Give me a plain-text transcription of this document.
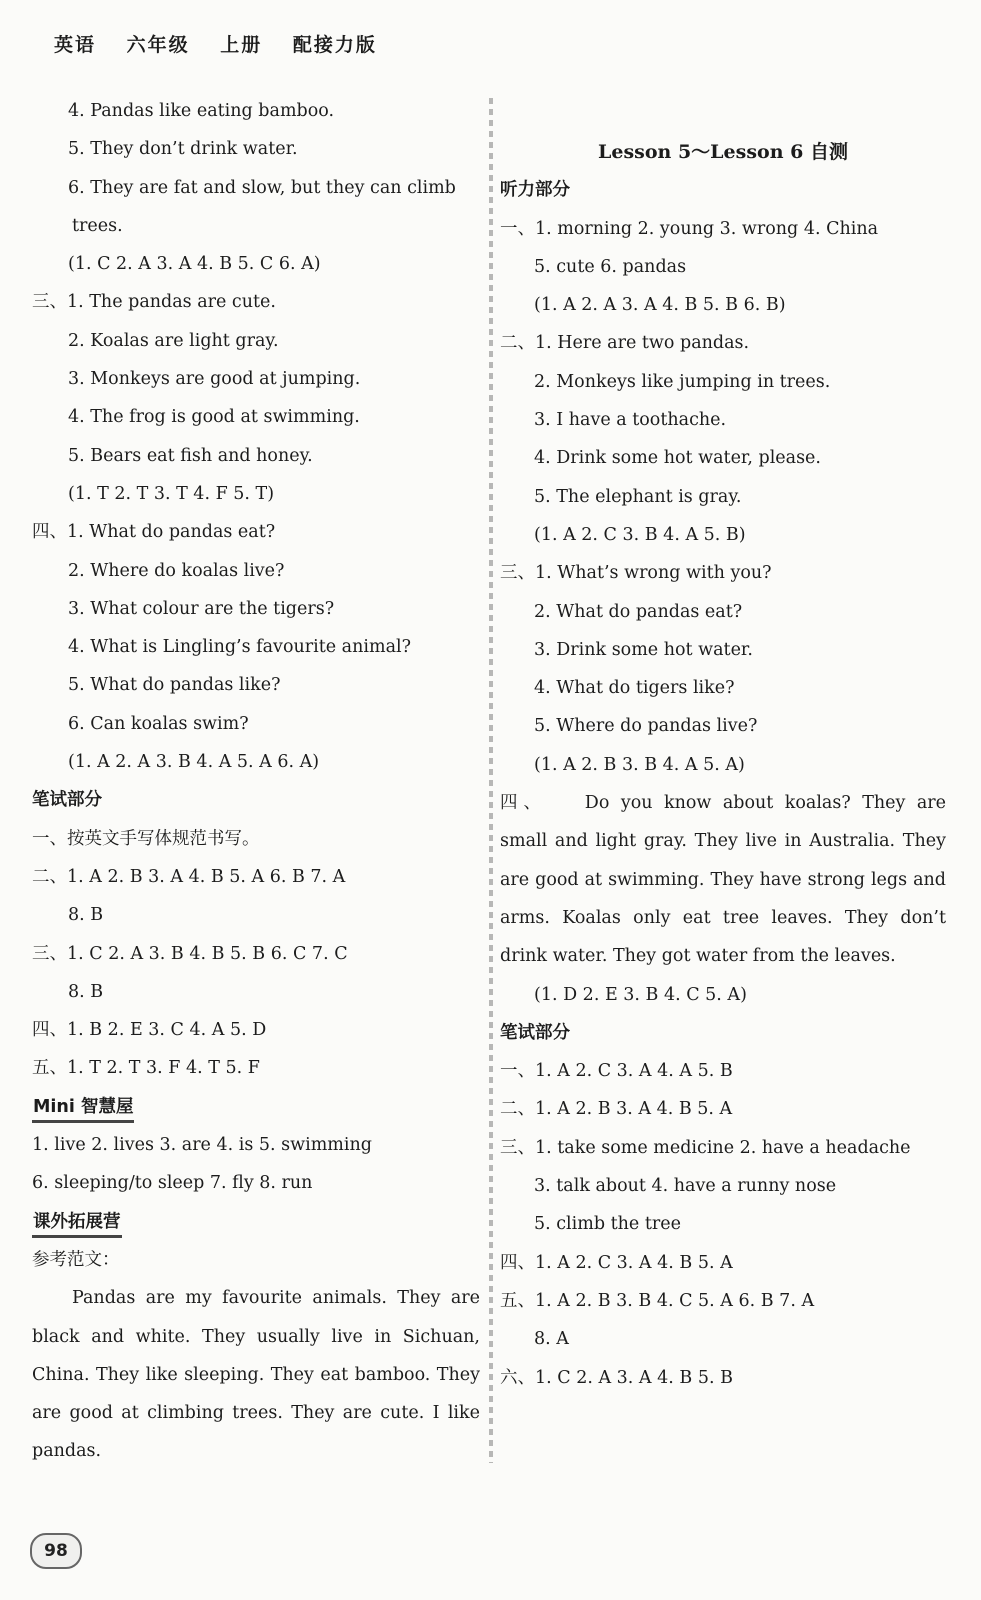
英语 六年级 上册 配接力版
4. Pandas like eating bamboo.
5. They don’t drink water.
6. They are fat and slow, but they can climb
trees.
(1. C 2. A 3. A 4. B 5. C 6. A)
三、1. The pandas are cute.
2. Koalas are light gray.
3. Monkeys are good at jumping.
4. The frog is good at swimming.
5. Bears eat fish and honey.
(1. T 2. T 3. T 4. F 5. T)
四、1. What do pandas eat?
2. Where do koalas live?
3. What colour are the tigers?
4. What is Lingling’s favourite animal?
5. What do pandas like?
6. Can koalas swim?
(1. A 2. A 3. B 4. A 5. A 6. A)
笔试部分
一、按英文手写体规范书写。
二、1. A 2. B 3. A 4. B 5. A 6. B 7. A
8. B
三、1. C 2. A 3. B 4. B 5. B 6. C 7. C
8. B
四、1. B 2. E 3. C 4. A 5. D
五、1. T 2. T 3. F 4. T 5. F
Mini 智慧屋
1. live 2. lives 3. are 4. is 5. swimming
6. sleeping/to sleep 7. fly 8. run
课外拓展营
参考范文：
Pandas are my favourite animals. They are black and white. They usually live in Sichuan, China. They like sleeping. They eat bamboo. They are good at climbing trees. They are cute. I like pandas.
Lesson 5～Lesson 6 自测
听力部分
一、1. morning 2. young 3. wrong 4. China
5. cute 6. pandas
(1. A 2. A 3. A 4. B 5. B 6. B)
二、1. Here are two pandas.
2. Monkeys like jumping in trees.
3. I have a toothache.
4. Drink some hot water, please.
5. The elephant is gray.
(1. A 2. C 3. B 4. A 5. B)
三、1. What’s wrong with you?
2. What do pandas eat?
3. Drink some hot water.
4. What do tigers like?
5. Where do pandas live?
(1. A 2. B 3. B 4. A 5. A)
四、 Do you know about koalas? They are small and light gray. They live in Australia. They are good at swimming. They have strong legs and arms. Koalas only eat tree leaves. They don’t drink water. They got water from the leaves.
(1. D 2. E 3. B 4. C 5. A)
笔试部分
一、1. A 2. C 3. A 4. A 5. B
二、1. A 2. B 3. A 4. B 5. A
三、1. take some medicine 2. have a headache
3. talk about 4. have a runny nose
5. climb the tree
四、1. A 2. C 3. A 4. B 5. A
五、1. A 2. B 3. B 4. C 5. A 6. B 7. A
8. A
六、1. C 2. A 3. A 4. B 5. B
98
